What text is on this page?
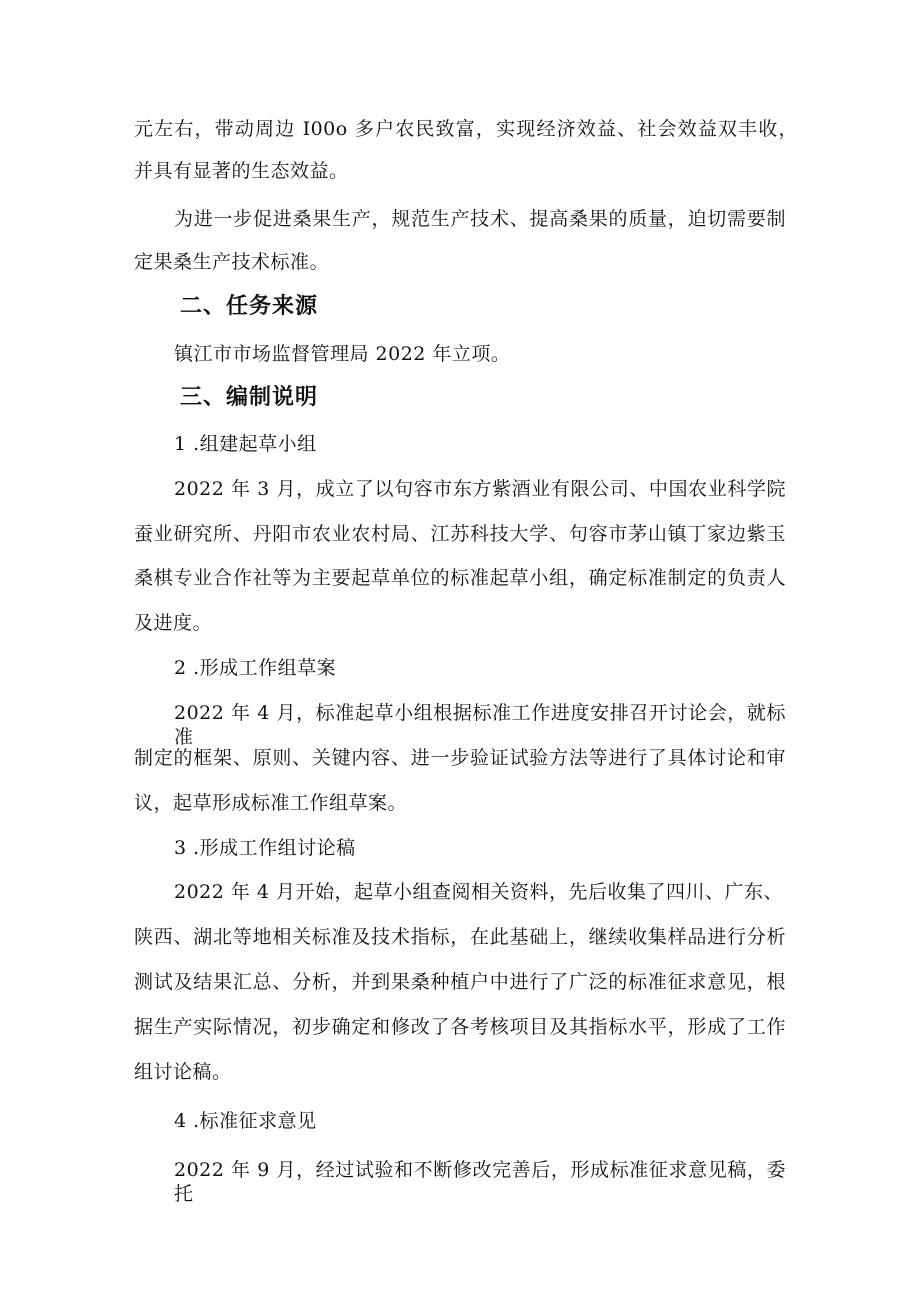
元左右，带动周边 I00o 多户农民致富，实现经济效益、社会效益双丰收，
并具有显著的生态效益。
为进一步促进桑果生产，规范生产技术、提高桑果的质量，迫切需要制
定果桑生产技术标准。
二、任务来源
镇江市市场监督管理局 2022 年立项。
三、编制说明
1 .组建起草小组
2022 年 3 月，成立了以句容市东方紫酒业有限公司、中国农业科学院
蚕业研究所、丹阳市农业农村局、江苏科技大学、句容市茅山镇丁家边紫玉
桑棋专业合作社等为主要起草单位的标准起草小组，确定标准制定的负责人
及进度。
2 .形成工作组草案
2022 年 4 月，标准起草小组根据标准工作进度安排召开讨论会，就标准
制定的框架、原则、关键内容、进一步验证试验方法等进行了具体讨论和审
议，起草形成标准工作组草案。
3 .形成工作组讨论稿
2022 年 4 月开始，起草小组查阅相关资料，先后收集了四川、广东、
陕西、湖北等地相关标准及技术指标，在此基础上，继续收集样品进行分析
测试及结果汇总、分析，并到果桑种植户中进行了广泛的标准征求意见，根
据生产实际情况，初步确定和修改了各考核项目及其指标水平，形成了工作
组讨论稿。
4 .标准征求意见
2022 年 9 月，经过试验和不断修改完善后，形成标准征求意见稿，委托
